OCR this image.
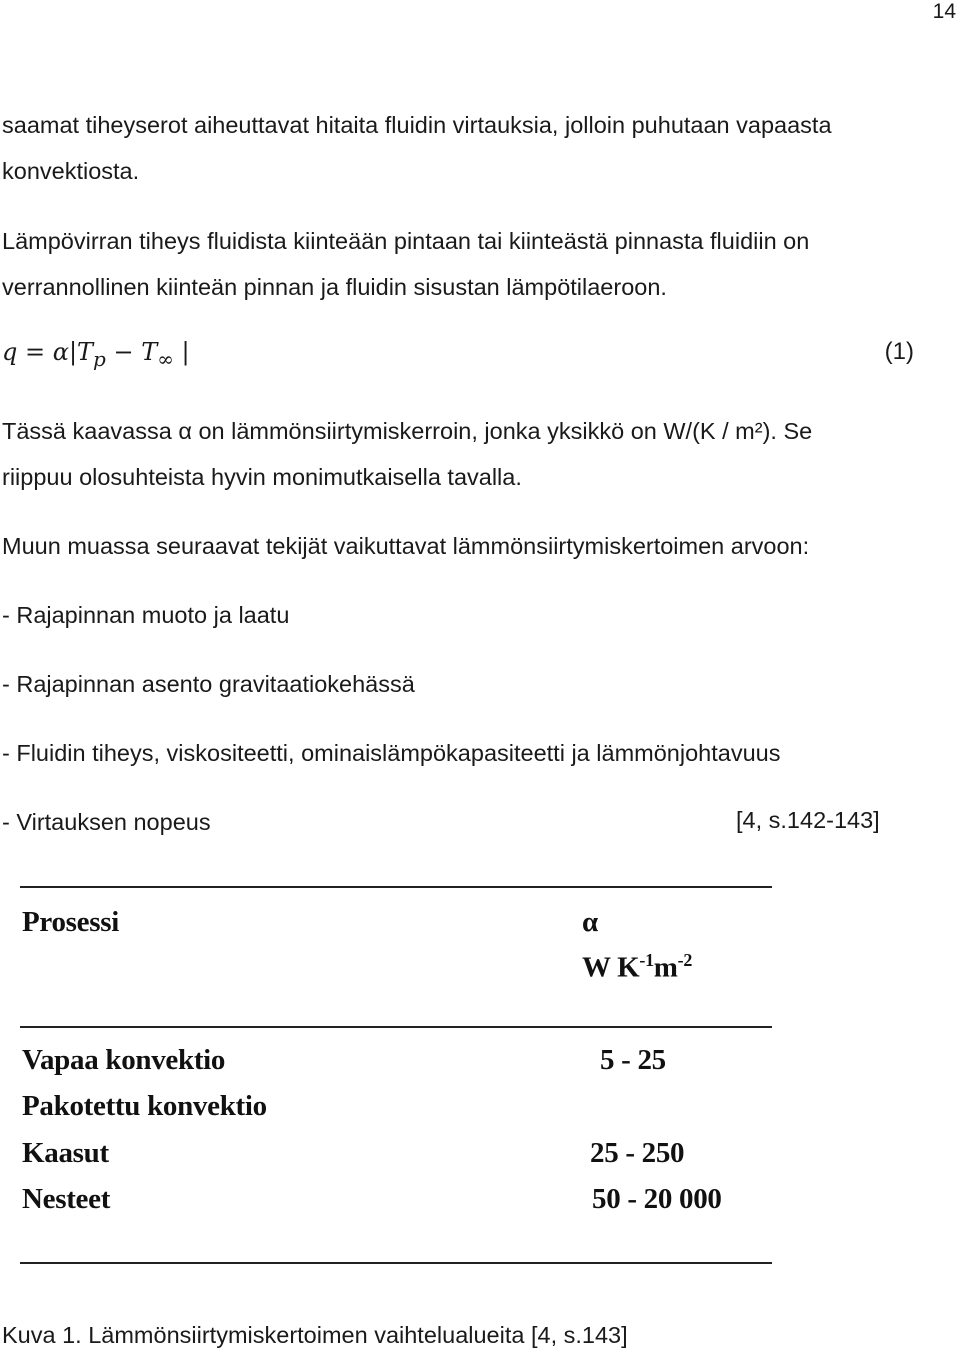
14
saamat tiheyserot aiheuttavat hitaita fluidin virtauksia, jolloin puhutaan vapaasta
konvektiosta.
Lämpövirran tiheys fluidista kiinteään pintaan tai kiinteästä pinnasta fluidiin on
verrannollinen kiinteän pinnan ja fluidin sisustan lämpötilaeroon.
$q = \alpha|T_p - T_\infty$ |	(1)
Tässä kaavassa α on lämmönsiirtymiskerroin, jonka yksikkö on W/(K / m²). Se
riippuu olosuhteista hyvin monimutkaisella tavalla.
Muun muassa seuraavat tekijät vaikuttavat lämmönsiirtymiskertoimen arvoon:
- Rajapinnan muoto ja laatu
- Rajapinnan asento gravitaatiokehässä
- Fluidin tiheys, viskositeetti, ominaislämpökapasiteetti ja lämmönjohtavuus
- Virtauksen nopeus	[4, s.142-143]
Prosessi	α
W $K^{-1}m^{-2}$
Vapaa konvektio	5 - 25
Pakotettu konvektio
Kaasut	25 - 250
Nesteet	50 - 20 000
Kuva 1. Lämmönsiirtymiskertoimen vaihtelualueita [4, s.143]
